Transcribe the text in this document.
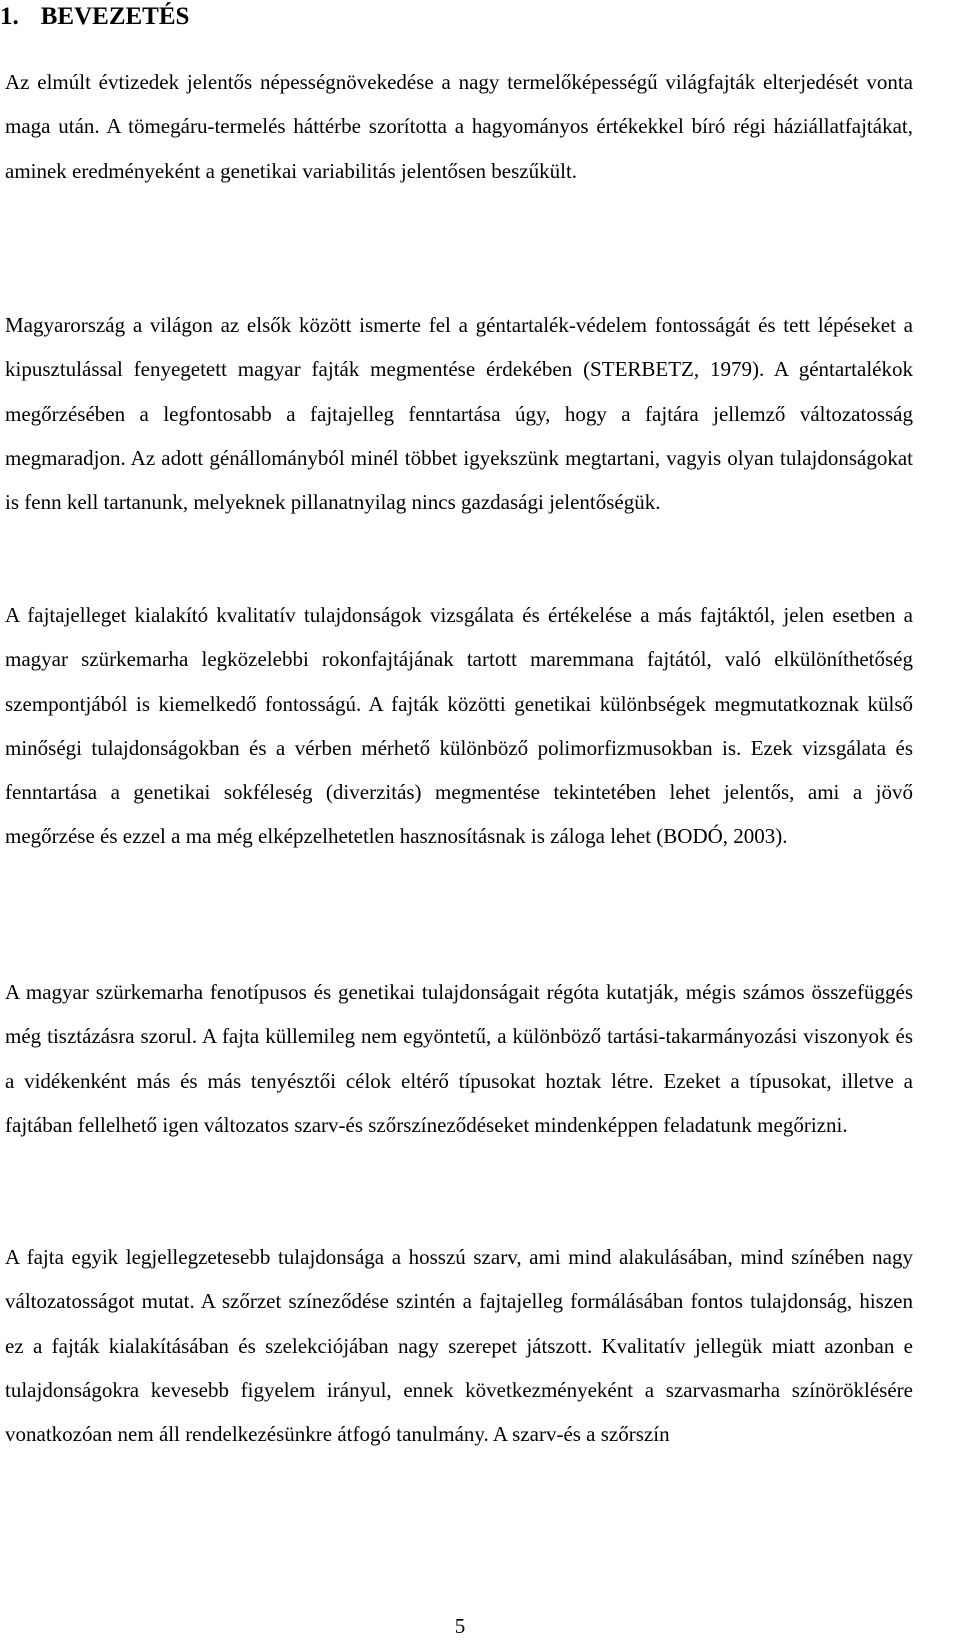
1. BEVEZETÉS

Az elmúlt évtizedek jelentős népességnövekedése a nagy termelőképességű világfajták elterjedését vonta maga után. A tömegáru-termelés háttérbe szorította a hagyományos értékekkel bíró régi háziállatfajtákat, aminek eredményeként a genetikai variabilitás jelentősen beszűkült.

Magyarország a világon az elsők között ismerte fel a géntartalék-védelem fontosságát és tett lépéseket a kipusztulással fenyegetett magyar fajták megmentése érdekében (STERBETZ, 1979). A géntartalékok megőrzésében a legfontosabb a fajtajelleg fenntartása úgy, hogy a fajtára jellemző változatosság megmaradjon. Az adott génállományból minél többet igyekszünk megtartani, vagyis olyan tulajdonságokat is fenn kell tartanunk, melyeknek pillanatnyilag nincs gazdasági jelentőségük.

A fajtajelleget kialakító kvalitatív tulajdonságok vizsgálata és értékelése a más fajtáktól, jelen esetben a magyar szürkemarha legközelebbi rokonfajtájának tartott maremmana fajtától, való elkülöníthetőség szempontjából is kiemelkedő fontosságú. A fajták közötti genetikai különbségek megmutatkoznak külső minőségi tulajdonságokban és a vérben mérhető különböző polimorfizmusokban is. Ezek vizsgálata és fenntartása a genetikai sokféleség (diverzitás) megmentése tekintetében lehet jelentős, ami a jövő megőrzése és ezzel a ma még elképzelhetetlen hasznosításnak is záloga lehet (BODÓ, 2003).

A magyar szürkemarha fenotípusos és genetikai tulajdonságait régóta kutatják, mégis számos összefüggés még tisztázásra szorul. A fajta küllemileg nem egyöntetű, a különböző tartási-takarmányozási viszonyok és a vidékenként más és más tenyésztői célok eltérő típusokat hoztak létre. Ezeket a típusokat, illetve a fajtában fellelhető igen változatos szarv-és szőrszíneződéseket mindenképpen feladatunk megőrizni.

A fajta egyik legjellegzetesebb tulajdonsága a hosszú szarv, ami mind alakulásában, mind színében nagy változatosságot mutat. A szőrzet színeződése szintén a fajtajelleg formálásában fontos tulajdonság, hiszen ez a fajták kialakításában és szelekciójában nagy szerepet játszott. Kvalitatív jellegük miatt azonban e tulajdonságokra kevesebb figyelem irányul, ennek következményeként a szarvasmarha színöröklésére vonatkozóan nem áll rendelkezésünkre átfogó tanulmány. A szarv-és a szőrszín

5
